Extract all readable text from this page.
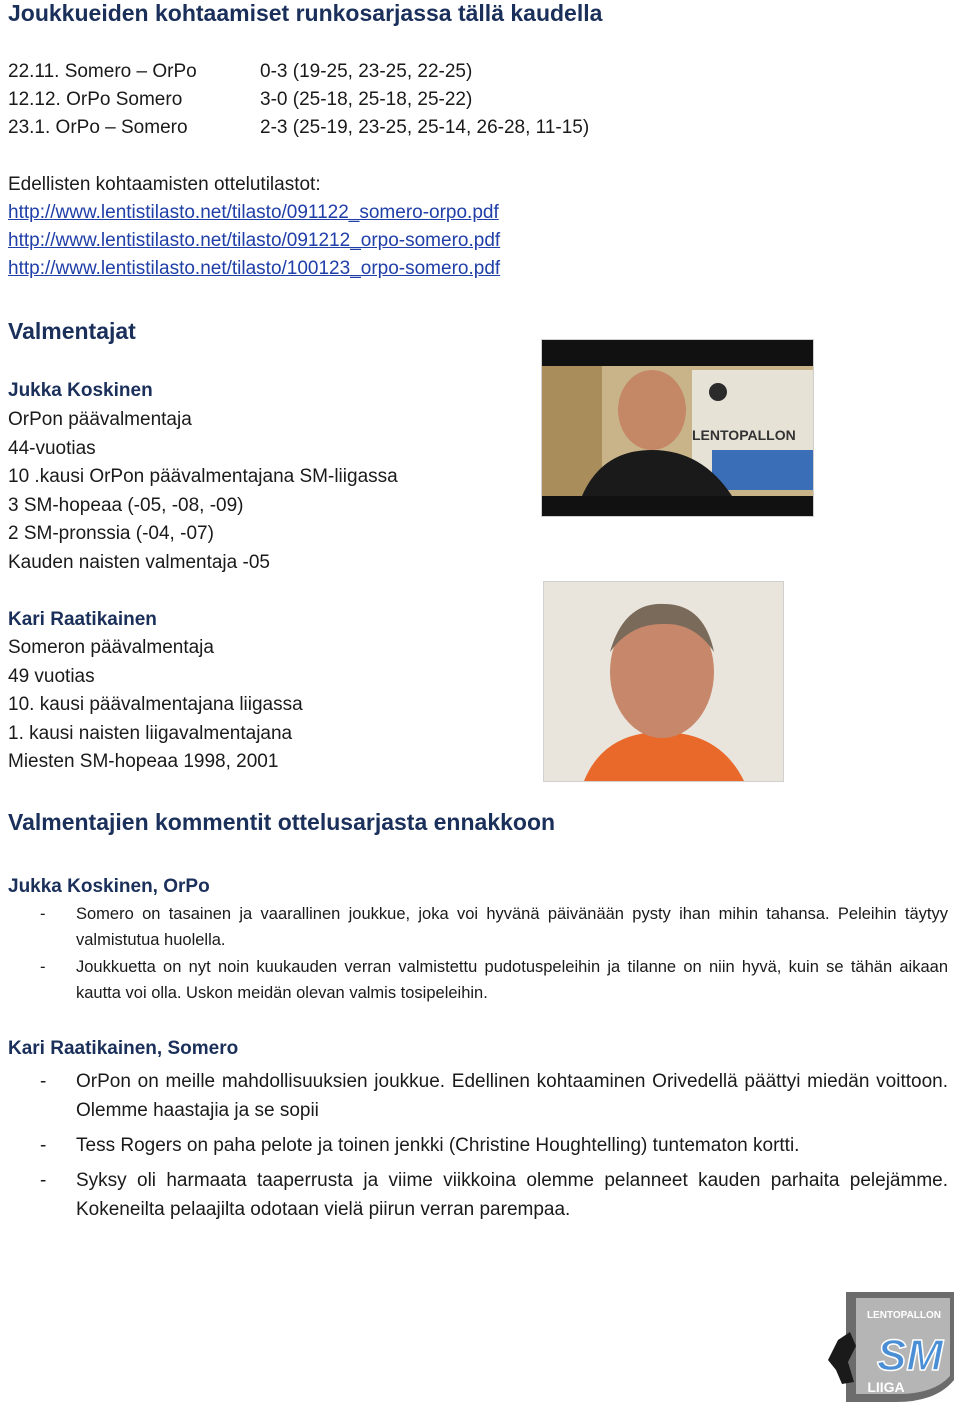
Joukkueiden kohtaamiset runkosarjassa tällä kaudella
22.11. Somero – OrPo	0-3 (19-25, 23-25, 22-25)
12.12. OrPo Somero	3-0 (25-18, 25-18, 25-22)
23.1. OrPo – Somero	2-3 (25-19, 23-25, 25-14, 26-28, 11-15)
Edellisten kohtaamisten ottelutilastot:
http://www.lentistilasto.net/tilasto/091122_somero-orpo.pdf
http://www.lentistilasto.net/tilasto/091212_orpo-somero.pdf
http://www.lentistilasto.net/tilasto/100123_orpo-somero.pdf
Valmentajat
Jukka Koskinen
OrPon päävalmentaja
44-vuotias
10 .kausi OrPon päävalmentajana SM-liigassa
3 SM-hopeaa (-05, -08, -09)
2 SM-pronssia (-04, -07)
Kauden naisten valmentaja -05
LENTOPALLON
Kari Raatikainen
Someron päävalmentaja
49 vuotias
10. kausi päävalmentajana liigassa
1. kausi naisten liigavalmentajana
Miesten SM-hopeaa 1998, 2001
Valmentajien kommentit ottelusarjasta ennakkoon
Jukka Koskinen, OrPo
- Somero on tasainen ja vaarallinen joukkue, joka voi hyvänä päivänään pysty ihan mihin tahansa. Peleihin täytyy valmistutua huolella.
- Joukkuetta on nyt noin kuukauden verran valmistettu pudotuspeleihin ja tilanne on niin hyvä, kuin se tähän aikaan kautta voi olla. Uskon meidän olevan valmis tosipeleihin.
Kari Raatikainen, Somero
- OrPon on meille mahdollisuuksien joukkue. Edellinen kohtaaminen Orivedellä päättyi miedän voittoon. Olemme haastajia ja se sopii
- Tess Rogers on paha pelote ja toinen jenkki (Christine Houghtelling) tuntematon kortti.
- Syksy oli harmaata taaperrusta ja viime viikkoina olemme pelanneet kauden parhaita pelejämme. Kokeneilta pelaajilta odotaan vielä piirun verran parempaa.
LENTOPALLON
SM
LIIGA
